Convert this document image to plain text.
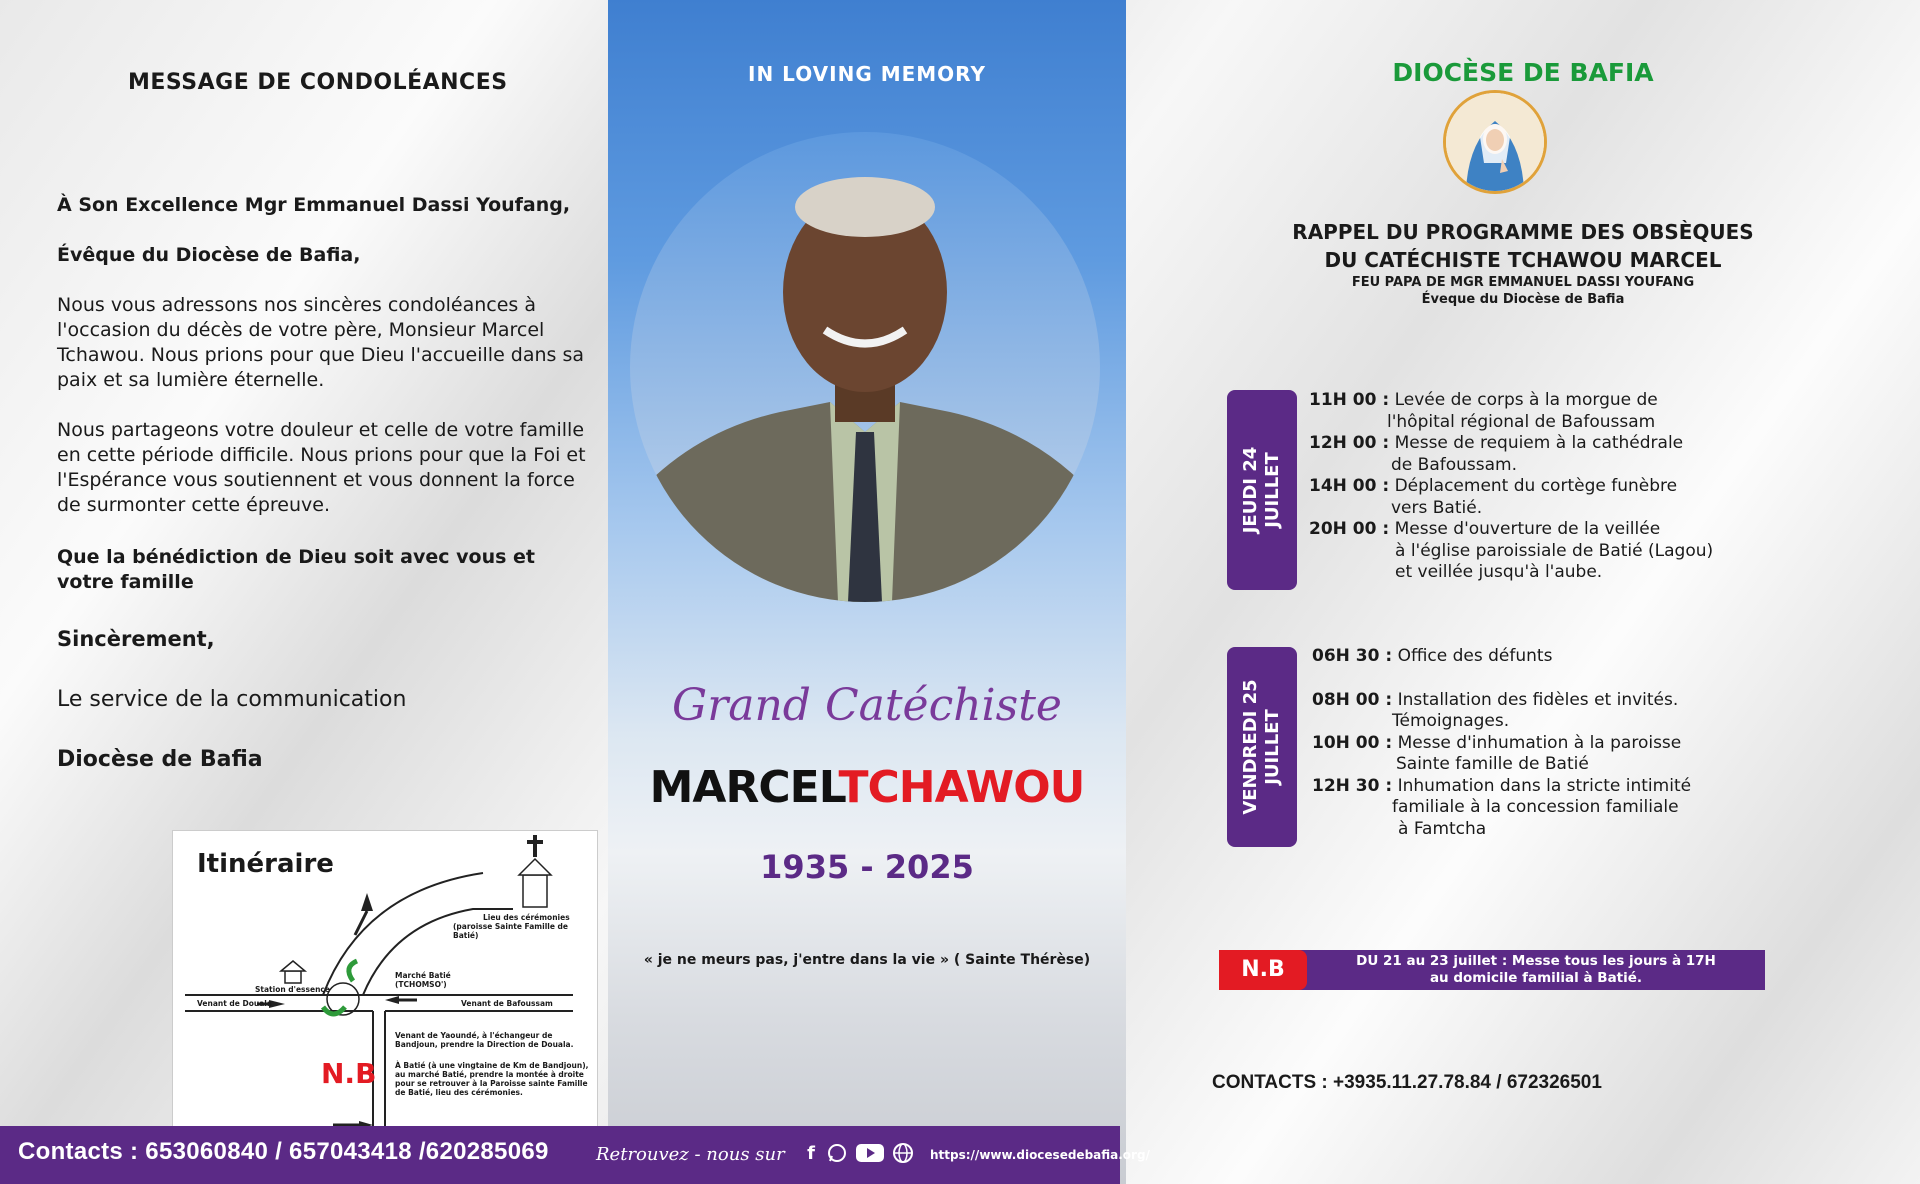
MESSAGE DE CONDOLÉANCES
À Son Excellence Mgr Emmanuel Dassi Youfang,
Évêque du Diocèse de Bafia,
Nous vous adressons nos sincères condoléances à l'occasion du décès de votre père, Monsieur Marcel Tchawou. Nous prions pour que Dieu l'accueille dans sa paix et sa lumière éternelle.
Nous partageons votre douleur et celle de votre famille en cette période difficile. Nous prions pour que la Foi et l'Espérance vous soutiennent et vous donnent la force de surmonter cette épreuve.
Que la bénédiction de Dieu soit avec vous et votre famille
Sincèrement,
Le service de la communication
Diocèse de Bafia
Itinéraire
Lieu des cérémonies
(paroisse Sainte Famille de Batié)
Station d'essence
Marché Batié
(TCHOMSO')
Venant de Douala	Venant de Bafoussam
N.B
Venant de Yaoundé, à l'échangeur de Bandjoun, prendre la Direction de Douala.
À Batié (à une vingtaine de Km de Bandjoun), au marché Batié, prendre la montée à droite pour se retrouver à la Paroisse sainte Famille de Batié, lieu des cérémonies.
IN LOVING MEMORY
Grand Catéchiste
MARCELTCHAWOU
1935 - 2025
« je ne meurs pas, j'entre dans la vie » ( Sainte Thérèse)
DIOCÈSE DE BAFIA
RAPPEL DU PROGRAMME DES OBSÈQUES
DU CATÉCHISTE TCHAWOU MARCEL
FEU PAPA DE MGR EMMANUEL DASSI YOUFANG
Éveque du Diocèse de Bafia
JEUDI 24 JUILLET
11H 00 : Levée de corps à la morgue de
l'hôpital régional de Bafoussam
12H 00 : Messe de requiem à la cathédrale
de Bafoussam.
14H 00 : Déplacement du cortège funèbre
vers Batié.
20H 00 : Messe d'ouverture de la veillée
à l'église paroissiale de Batié (Lagou)
et veillée jusqu'à l'aube.
VENDREDI 25 JUILLET
06H 30 : Office des défunts
08H 00 : Installation des fidèles et invités.
Témoignages.
10H 00 : Messe d'inhumation à la paroisse
Sainte famille de Batié
12H 30 : Inhumation dans la stricte intimité
familiale à la concession familiale
à Famtcha
N.B	DU 21 au 23 juillet : Messe tous les jours à 17H
au domicile familial à Batié.
CONTACTS : +3935.11.27.78.84 / 672326501
Contacts : 653060840 / 657043418 /620285069	Retrouvez - nous sur	f	https://www.diocesedebafia.org/
